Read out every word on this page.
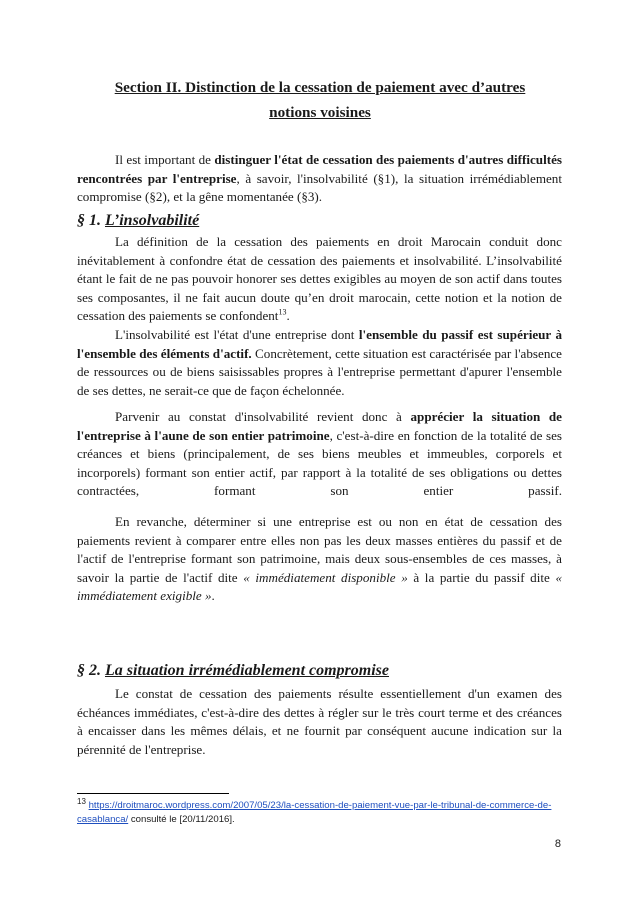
Section II. Distinction de la cessation de paiement avec d’autres
notions voisines

Il est important de distinguer l'état de cessation des paiements d'autres difficultés rencontrées par l'entreprise, à savoir, l'insolvabilité (§1), la situation irrémédiablement compromise (§2), et la gêne momentanée (§3).

§ 1. L’insolvabilité

La définition de la cessation des paiements en droit Marocain conduit donc inévitablement à confondre état de cessation des paiements et insolvabilité. L’insolvabilité étant le fait de ne pas pouvoir honorer ses dettes exigibles au moyen de son actif dans toutes ses composantes, il ne fait aucun doute qu’en droit marocain, cette notion et la notion de cessation des paiements se confondent$^{13}$.

L'insolvabilité est l'état d'une entreprise dont l'ensemble du passif est supérieur à l'ensemble des éléments d'actif. Concrètement, cette situation est caractérisée par l'absence de ressources ou de biens saisissables propres à l'entreprise permettant d'apurer l'ensemble de ses dettes, ne serait-ce que de façon échelonnée.

Parvenir au constat d'insolvabilité revient donc à apprécier la situation de l'entreprise à l'aune de son entier patrimoine, c'est-à-dire en fonction de la totalité de ses créances et biens (principalement, de ses biens meubles et immeubles, corporels et incorporels) formant son entier actif, par rapport à la totalité de ses obligations ou dettes contractées, formant son entier passif.

En revanche, déterminer si une entreprise est ou non en état de cessation des paiements revient à comparer entre elles non pas les deux masses entières du passif et de l'actif de l'entreprise formant son patrimoine, mais deux sous-ensembles de ces masses, à savoir la partie de l'actif dite « immédiatement disponible » à la partie du passif dite « immédiatement exigible ».

§ 2. La situation irrémédiablement compromise

Le constat de cessation des paiements résulte essentiellement d'un examen des échéances immédiates, c'est-à-dire des dettes à régler sur le très court terme et des créances à encaisser dans les mêmes délais, et ne fournit par conséquent aucune indication sur la pérennité de l'entreprise.

$^{13}$ https://droitmaroc.wordpress.com/2007/05/23/la-cessation-de-paiement-vue-par-le-tribunal-de-commerce-de-casablanca/ consulté le [20/11/2016].
8
